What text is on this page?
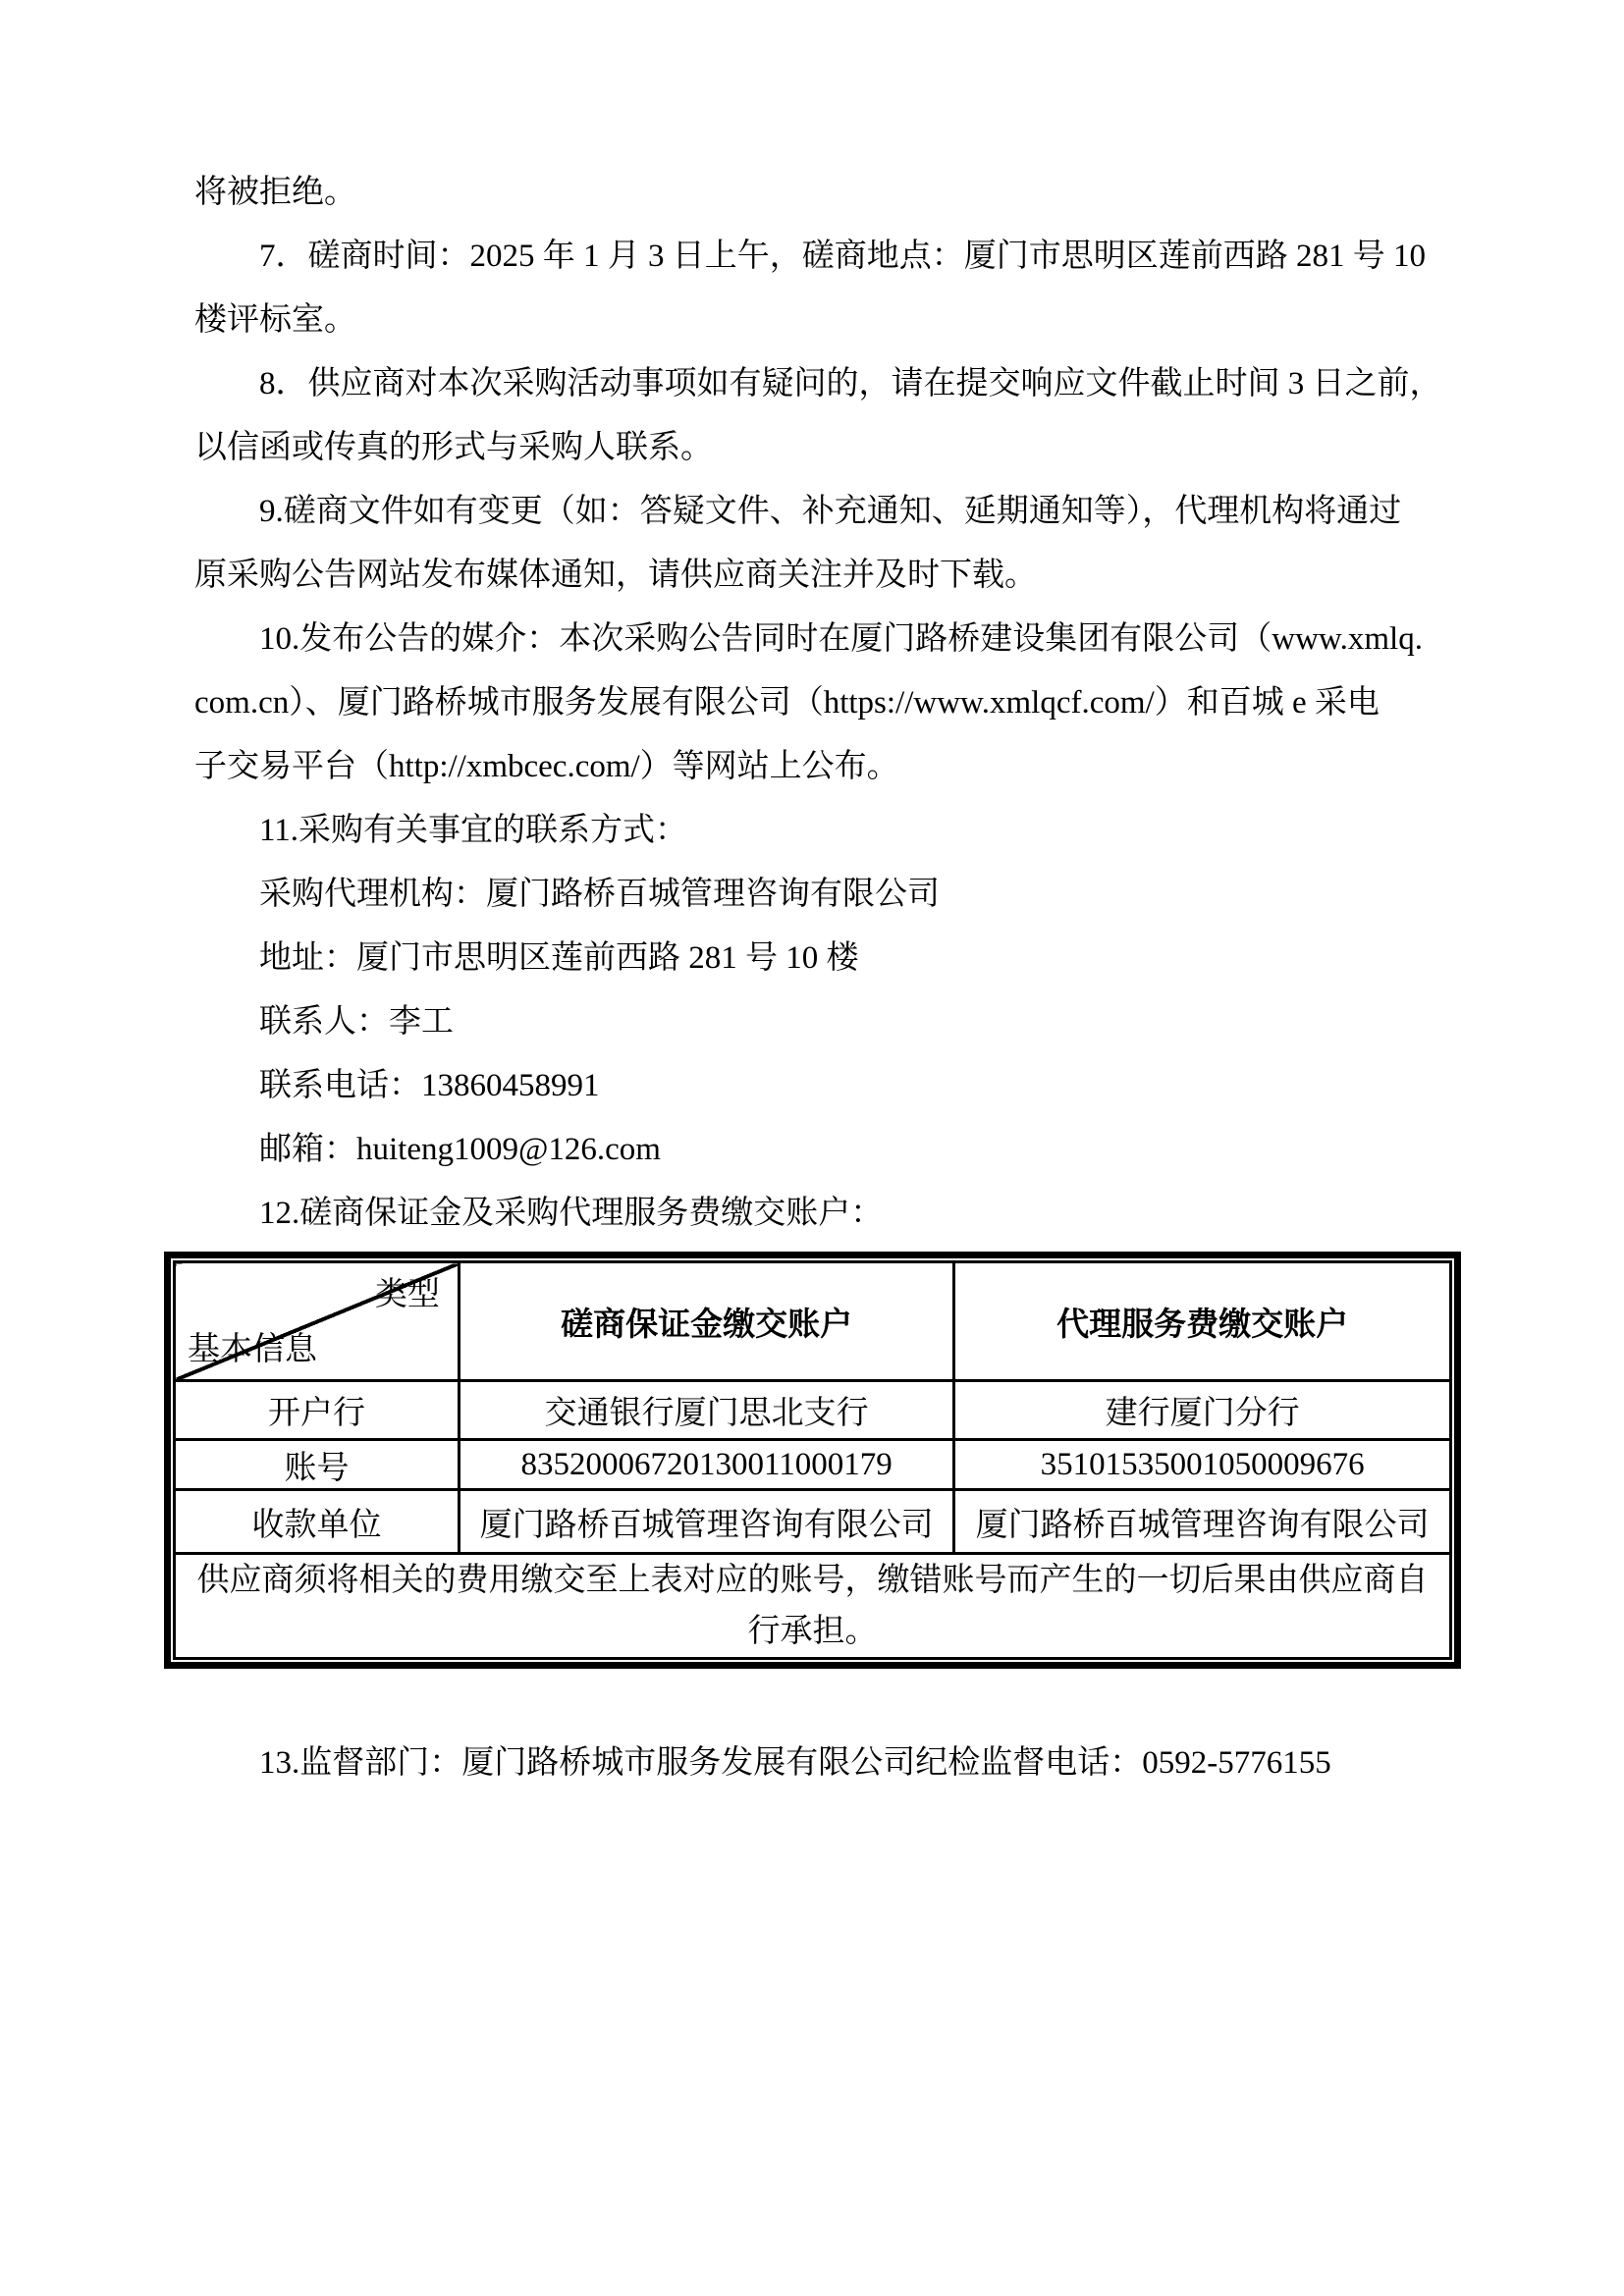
将被拒绝。
7．磋商时间：2025 年 1 月 3 日上午，磋商地点：厦门市思明区莲前西路 281 号 10
楼评标室。
8．供应商对本次采购活动事项如有疑问的，请在提交响应文件截止时间 3 日之前，
以信函或传真的形式与采购人联系。
9.磋商文件如有变更（如：答疑文件、补充通知、延期通知等），代理机构将通过
原采购公告网站发布媒体通知，请供应商关注并及时下载。
10.发布公告的媒介：本次采购公告同时在厦门路桥建设集团有限公司（www.xmlq.
com.cn）、厦门路桥城市服务发展有限公司（https://www.xmlqcf.com/）和百城 e 采电
子交易平台（http://xmbcec.com/）等网站上公布。
11.采购有关事宜的联系方式：
采购代理机构：厦门路桥百城管理咨询有限公司
地址：厦门市思明区莲前西路 281 号 10 楼
联系人：李工
联系电话：13860458991
邮箱：huiteng1009@126.com
12.磋商保证金及采购代理服务费缴交账户：
类型
基本信息	磋商保证金缴交账户	代理服务费缴交账户
开户行	交通银行厦门思北支行	建行厦门分行
账号	83520006720130011000179	35101535001050009676
收款单位	厦门路桥百城管理咨询有限公司	厦门路桥百城管理咨询有限公司

供应商须将相关的费用缴交至上表对应的账号，缴错账号而产生的一切后果由供应商自
行承担。		
13.监督部门：厦门路桥城市服务发展有限公司纪检监督电话：0592-5776155
